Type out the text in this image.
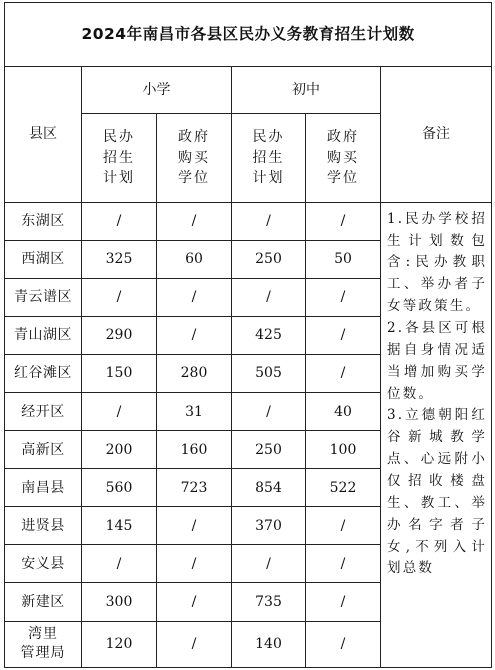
2024年南昌市各县区民办义务教育招生计划数					
县区	小学		初中		备注

	民办
招生
计划	政府
购买
学位	民办
招生
计划	政府
购买
学位	

东湖区	/	/	/	/	1.民办学校招生计划数包含:民办教职工、举办者子女等政策生。
2.各县区可根据自身情况适当增加购买学位数。
3.立德朝阳红谷新城教学点、心远附小仅招收楼盘生、教工、举办名字者子女,不列入计划总数

西湖区	325	60	250	50	
青云谱区	/	/	/	/	
青山湖区	290	/	425	/	
红谷滩区	150	280	505	/	
经开区	/	31	/	40	
高新区	200	160	250	100	
南昌县	560	723	854	522	
进贤县	145	/	370	/	
安义县	/	/	/	/	
新建区	300	/	735	/	

湾里
管理局	120	/	140	/	
